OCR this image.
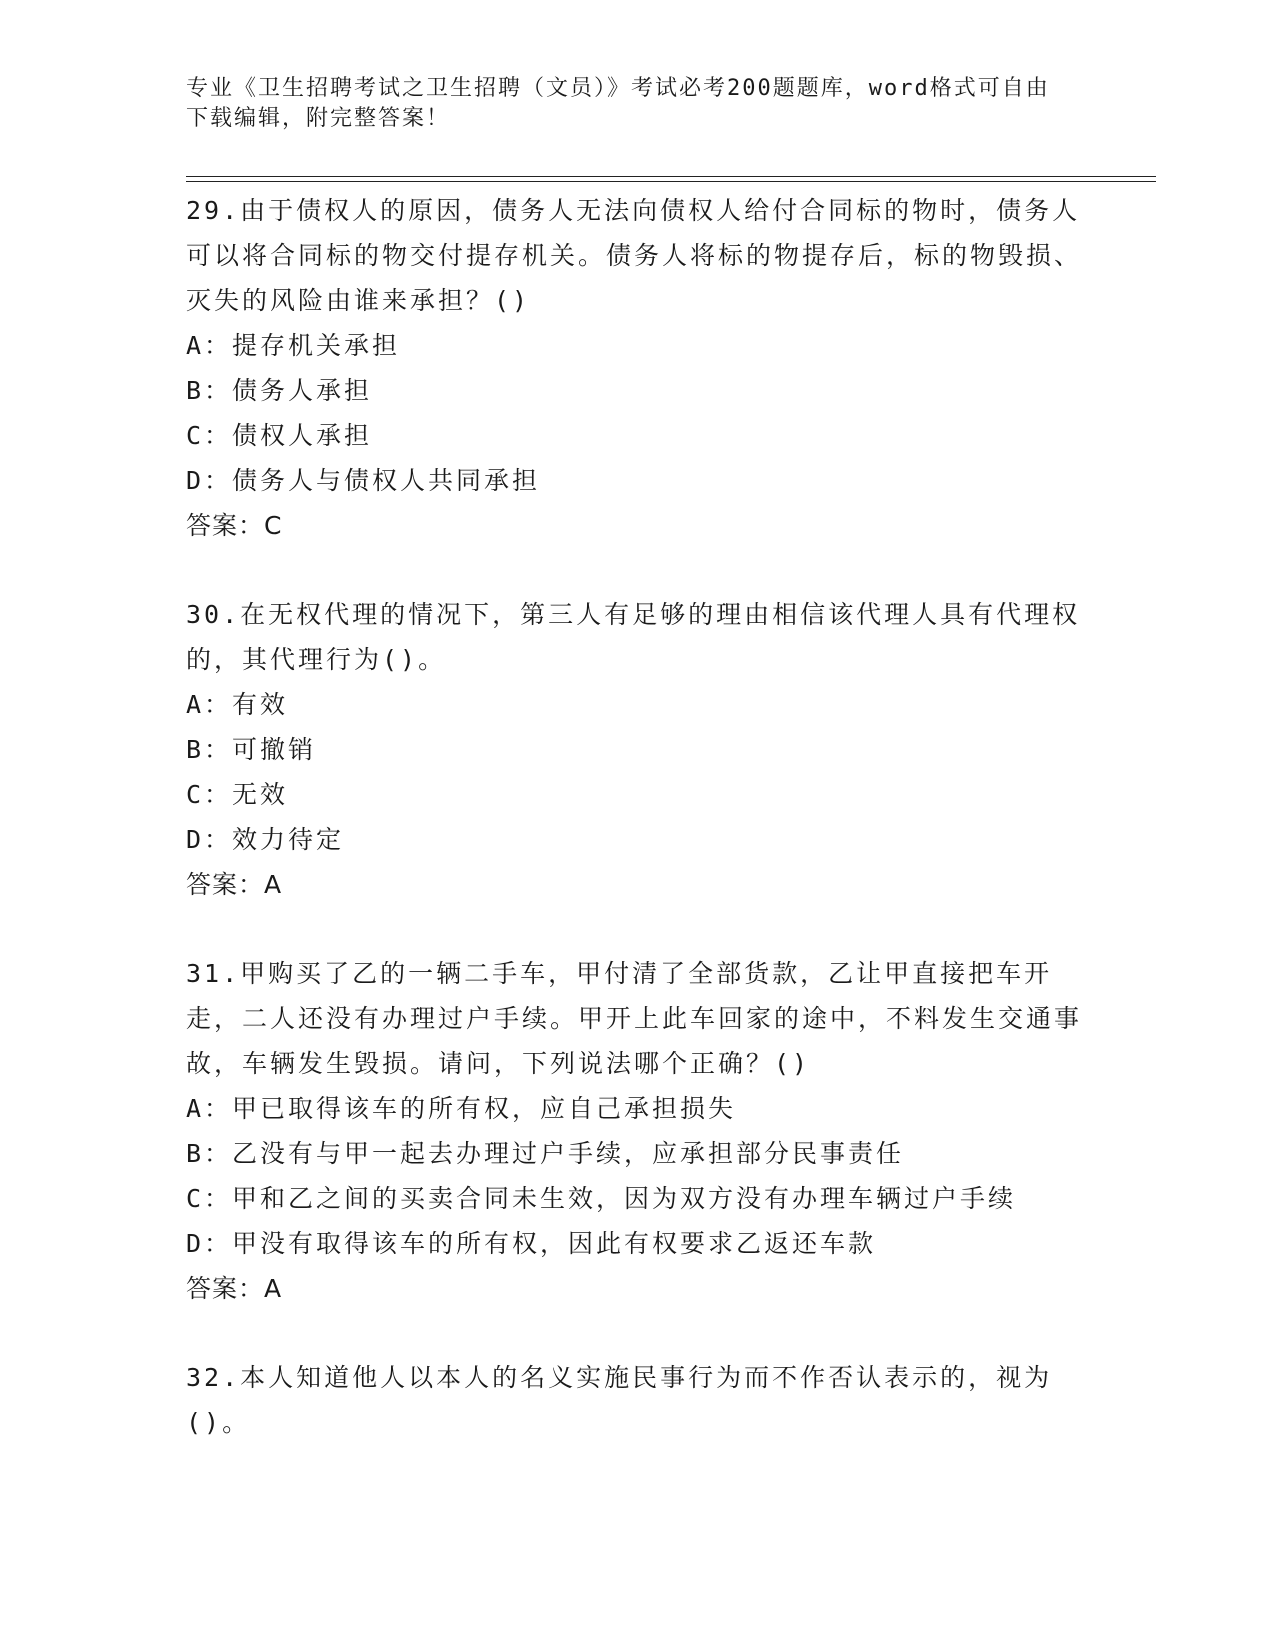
专业《卫生招聘考试之卫生招聘（文员）》考试必考200题题库，word格式可自由下载编辑，附完整答案！
29.由于债权人的原因，债务人无法向债权人给付合同标的物时，债务人可以将合同标的物交付提存机关。债务人将标的物提存后，标的物毁损、灭失的风险由谁来承担？()
A：提存机关承担
B：债务人承担
C：债权人承担
D：债务人与债权人共同承担
答案：C
30.在无权代理的情况下，第三人有足够的理由相信该代理人具有代理权的，其代理行为()。
A：有效
B：可撤销
C：无效
D：效力待定
答案：A
31.甲购买了乙的一辆二手车，甲付清了全部货款，乙让甲直接把车开走，二人还没有办理过户手续。甲开上此车回家的途中，不料发生交通事故，车辆发生毁损。请问，下列说法哪个正确？()
A：甲已取得该车的所有权，应自己承担损失
B：乙没有与甲一起去办理过户手续，应承担部分民事责任
C：甲和乙之间的买卖合同未生效，因为双方没有办理车辆过户手续
D：甲没有取得该车的所有权，因此有权要求乙返还车款
答案：A
32.本人知道他人以本人的名义实施民事行为而不作否认表示的，视为()。
